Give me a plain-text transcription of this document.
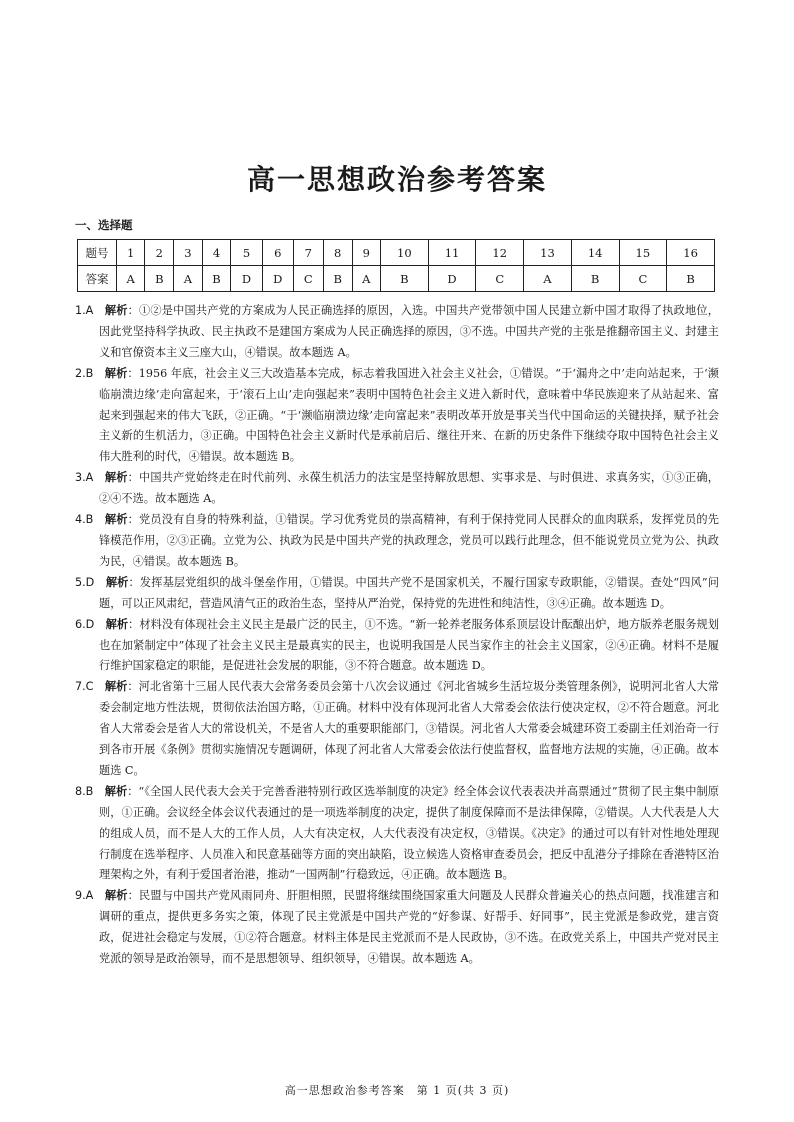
高一思想政治参考答案
一、选择题
题号	1	2	3	4	5	6	7	8	9	10	11	12	13	14	15	16
答案	A	B	A	B	D	D	C	B	A	B	D	C	A	B	C	B

1.A　 解析：①②是中国共产党的方案成为人民正确选择的原因，入选。中国共产党带领中国人民建立新中国才取得了执政地位，因此党坚持科学执政、民主执政不是建国方案成为人民正确选择的原因，③不选。中国共产党的主张是推翻帝国主义、封建主义和官僚资本主义三座大山，④错误。故本题选 A。

2.B　 解析：1956 年底，社会主义三大改造基本完成，标志着我国进入社会主义社会，①错误。“于‘漏舟之中’走向站起来，于‘濒临崩溃边缘’走向富起来，于‘滚石上山’走向强起来”表明中国特色社会主义进入新时代，意味着中华民族迎来了从站起来、富起来到强起来的伟大飞跃，②正确。“于‘濒临崩溃边缘’走向富起来”表明改革开放是事关当代中国命运的关键抉择，赋予社会主义新的生机活力，③正确。中国特色社会主义新时代是承前启后、继往开来、在新的历史条件下继续夺取中国特色社会主义伟大胜利的时代，④错误。故本题选 B。

3.A　 解析：中国共产党始终走在时代前列、永葆生机活力的法宝是坚持解放思想、实事求是、与时俱进、求真务实，①③正确，②④不选。故本题选 A。

4.B　 解析：党员没有自身的特殊利益，①错误。学习优秀党员的崇高精神，有利于保持党同人民群众的血肉联系，发挥党员的先锋模范作用，②③正确。立党为公、执政为民是中国共产党的执政理念，党员可以践行此理念，但不能说党员立党为公、执政为民，④错误。故本题选 B。

5.D　 解析：发挥基层党组织的战斗堡垒作用，①错误。中国共产党不是国家机关，不履行国家专政职能，②错误。查处“四风”问题，可以正风肃纪，营造风清气正的政治生态，坚持从严治党，保持党的先进性和纯洁性，③④正确。故本题选 D。

6.D　 解析：材料没有体现社会主义民主是最广泛的民主，①不选。“新一轮养老服务体系顶层设计酝酿出炉，地方版养老服务规划也在加紧制定中”体现了社会主义民主是最真实的民主，也说明我国是人民当家作主的社会主义国家，②④正确。材料不是履行维护国家稳定的职能，是促进社会发展的职能，③不符合题意。故本题选 D。

7.C　 解析：河北省第十三届人民代表大会常务委员会第十八次会议通过《河北省城乡生活垃圾分类管理条例》，说明河北省人大常委会制定地方性法规，贯彻依法治国方略，①正确。材料中没有体现河北省人大常委会依法行使决定权，②不符合题意。河北省人大常委会是省人大的常设机关，不是省人大的重要职能部门，③错误。河北省人大常委会城建环资工委副主任刘治奇一行到各市开展《条例》贯彻实施情况专题调研，体现了河北省人大常委会依法行使监督权，监督地方法规的实施，④正确。故本题选 C。

8.B　 解析：“《全国人民代表大会关于完善香港特别行政区选举制度的决定》经全体会议代表表决并高票通过”贯彻了民主集中制原则，①正确。会议经全体会议代表通过的是一项选举制度的决定，提供了制度保障而不是法律保障，②错误。人大代表是人大的组成人员，而不是人大的工作人员，人大有决定权，人大代表没有决定权，③错误。《决定》的通过可以有针对性地处理现行制度在选举程序、人员准入和民意基础等方面的突出缺陷，设立候选人资格审查委员会，把反中乱港分子排除在香港特区治理架构之外，有利于爱国者治港，推动“一国两制”行稳致远，④正确。故本题选 B。

9.A　 解析：民盟与中国共产党风雨同舟、肝胆相照，民盟将继续围绕国家重大问题及人民群众普遍关心的热点问题，找准建言和调研的重点，提供更多务实之策，体现了民主党派是中国共产党的“好参谋、好帮手、好同事”，民主党派是参政党，建言资政，促进社会稳定与发展，①②符合题意。材料主体是民主党派而不是人民政协，③不选。在政党关系上，中国共产党对民主党派的领导是政治领导，而不是思想领导、组织领导，④错误。故本题选 A。

高一思想政治参考答案　第 1 页(共 3 页)
